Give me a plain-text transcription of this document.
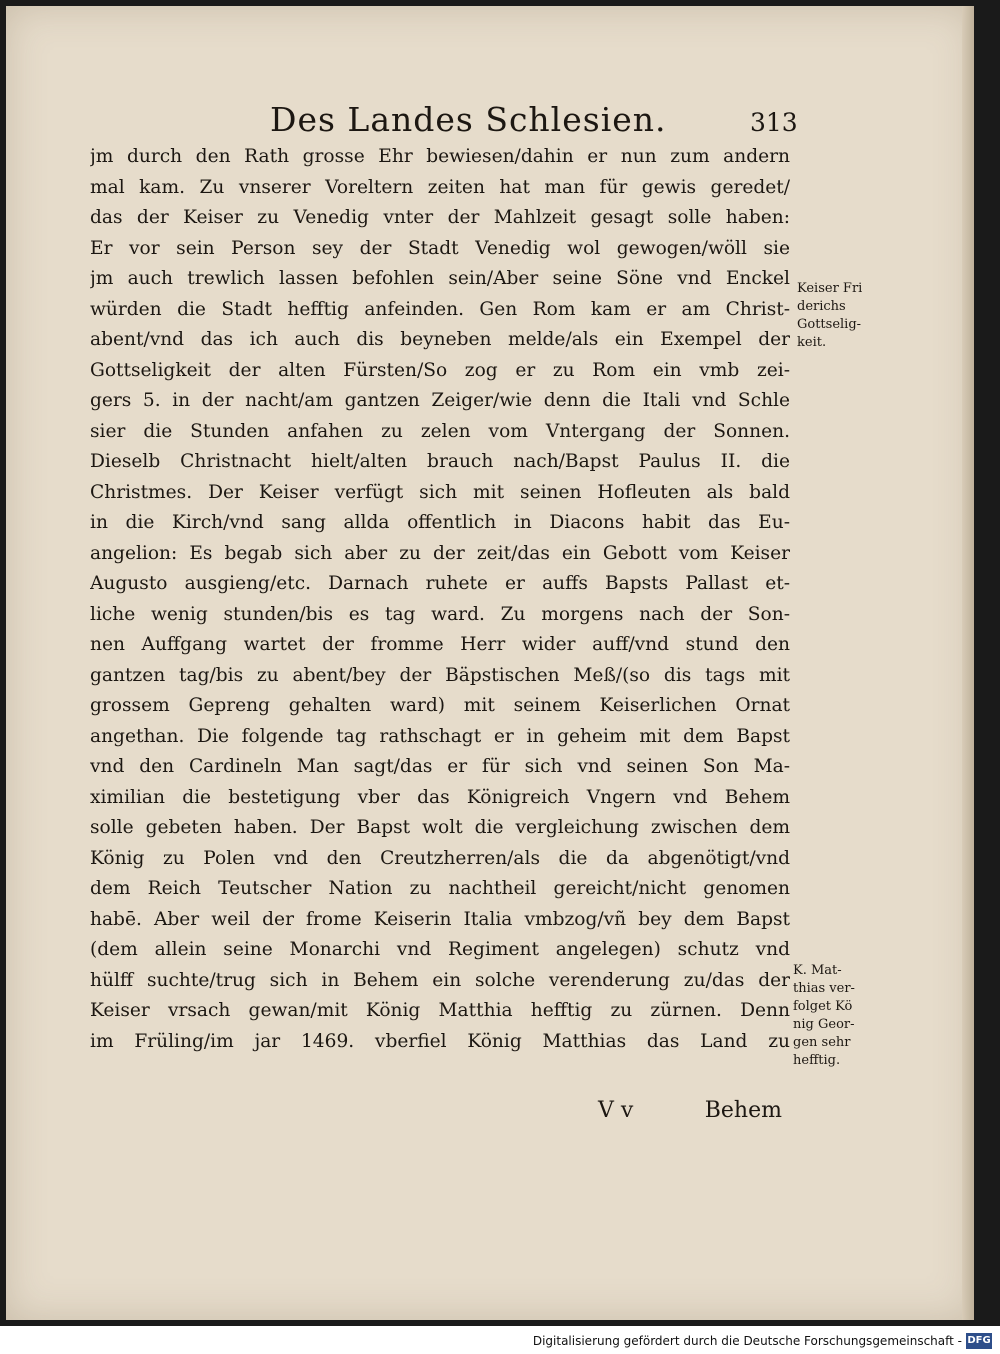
Des Landes Schlesien.	313
jm durch den Rath grosse Ehr bewiesen/dahin er nun zum andern
mal kam. Zu vnserer Voreltern zeiten hat man für gewis geredet/
das der Keiser zu Venedig vnter der Mahlzeit gesagt solle haben:
Er vor sein Person sey der Stadt Venedig wol gewogen/wöll sie
jm auch trewlich lassen befohlen sein/Aber seine Söne vnd Enckel
würden die Stadt hefftig anfeinden. Gen Rom kam er am Christ-
abent/vnd das ich auch dis beyneben melde/als ein Exempel der
Gottseligkeit der alten Fürsten/So zog er zu Rom ein vmb zei-
gers 5. in der nacht/am gantzen Zeiger/wie denn die Itali vnd Schle
sier die Stunden anfahen zu zelen vom Vntergang der Sonnen.
Dieselb Christnacht hielt/alten brauch nach/Bapst Paulus II. die
Christmes. Der Keiser verfügt sich mit seinen Hofleuten als bald
in die Kirch/vnd sang allda offentlich in Diacons habit das Eu-
angelion: Es begab sich aber zu der zeit/das ein Gebott vom Keiser
Augusto ausgieng/etc. Darnach ruhete er auffs Bapsts Pallast et-
liche wenig stunden/bis es tag ward. Zu morgens nach der Son-
nen Auffgang wartet der fromme Herr wider auff/vnd stund den
gantzen tag/bis zu abent/bey der Bäpstischen Meß/(so dis tags mit
grossem Gepreng gehalten ward) mit seinem Keiserlichen Ornat
angethan. Die folgende tag rathschagt er in geheim mit dem Bapst
vnd den Cardineln Man sagt/das er für sich vnd seinen Son Ma-
ximilian die bestetigung vber das Königreich Vngern vnd Behem
solle gebeten haben. Der Bapst wolt die vergleichung zwischen dem
König zu Polen vnd den Creutzherren/als die da abgenötigt/vnd
dem Reich Teutscher Nation zu nachtheil gereicht/nicht genomen
habē. Aber weil der frome Keiserin Italia vmbzog/vñ bey dem Bapst
(dem allein seine Monarchi vnd Regiment angelegen) schutz vnd
hülff suchte/trug sich in Behem ein solche verenderung zu/das der
Keiser vrsach gewan/mit König Matthia hefftig zu zürnen. Denn
im Früling/im jar 1469. vberfiel König Matthias das Land zu
V v	Behem
Keiser Fri
derichs
Gottselig-
keit.
K. Mat-
thias ver-
folget Kö
nig Geor-
gen sehr
hefftig.
Digitalisierung gefördert durch die Deutsche Forschungsgemeinschaft - DFG
